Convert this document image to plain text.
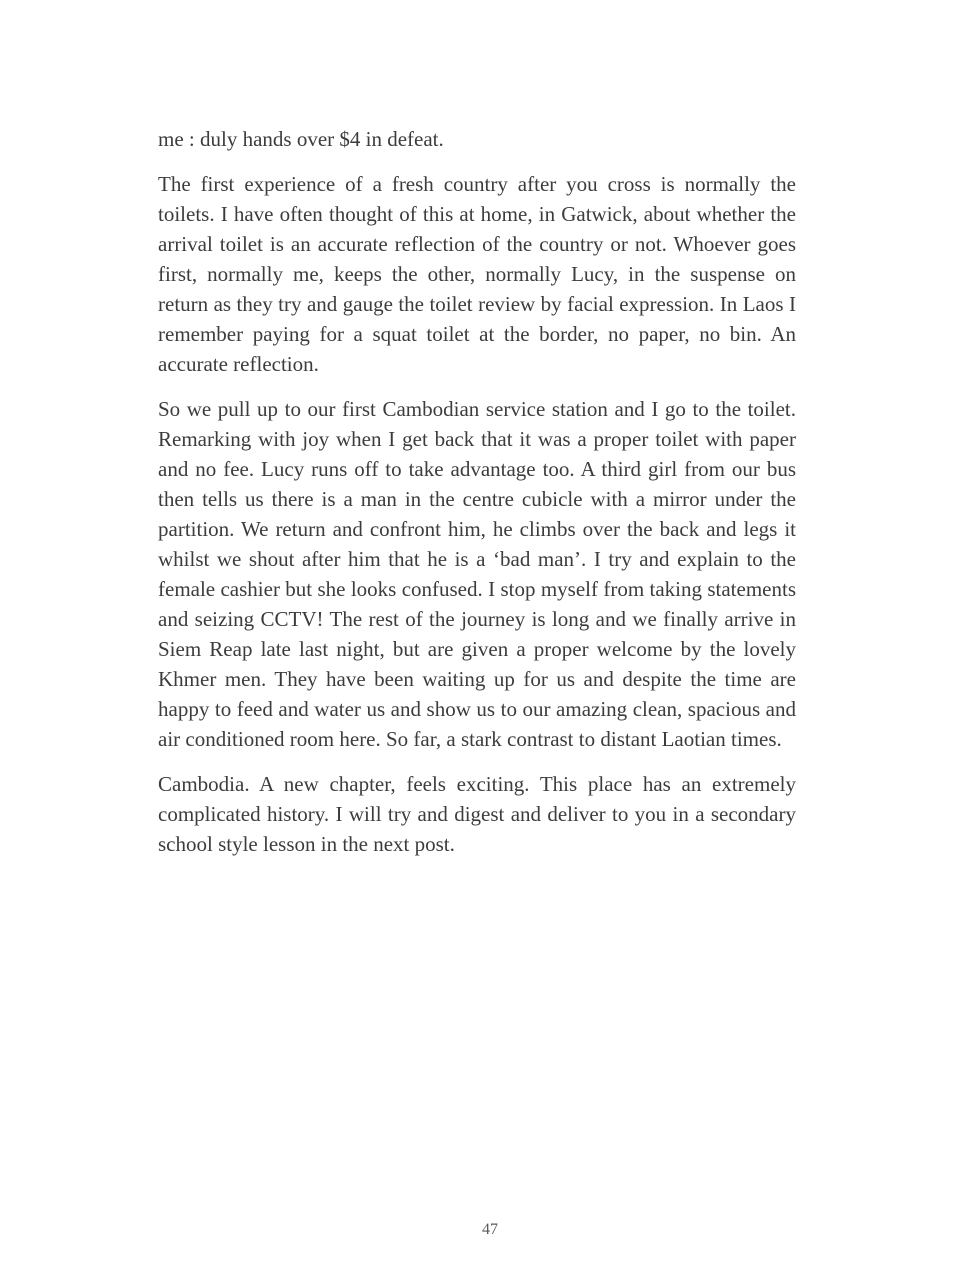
me : duly hands over $4 in defeat.

The first experience of a fresh country after you cross is normally the toilets. I have often thought of this at home, in Gatwick, about whether the arrival toilet is an accurate reflection of the country or not. Whoever goes first, normally me, keeps the other, normally Lucy, in the suspense on return as they try and gauge the toilet review by facial expression. In Laos I remember paying for a squat toilet at the border, no paper, no bin. An accurate reflection.

So we pull up to our first Cambodian service station and I go to the toilet. Remarking with joy when I get back that it was a proper toilet with paper and no fee. Lucy runs off to take advantage too. A third girl from our bus then tells us there is a man in the centre cubicle with a mirror under the partition. We return and confront him, he climbs over the back and legs it whilst we shout after him that he is a ‘bad man’. I try and explain to the female cashier but she looks confused. I stop myself from taking statements and seizing CCTV! The rest of the journey is long and we finally arrive in Siem Reap late last night, but are given a proper welcome by the lovely Khmer men. They have been waiting up for us and despite the time are happy to feed and water us and show us to our amazing clean, spacious and air conditioned room here. So far, a stark contrast to distant Laotian times.

Cambodia. A new chapter, feels exciting. This place has an extremely complicated history. I will try and digest and deliver to you in a secondary school style lesson in the next post.

47
